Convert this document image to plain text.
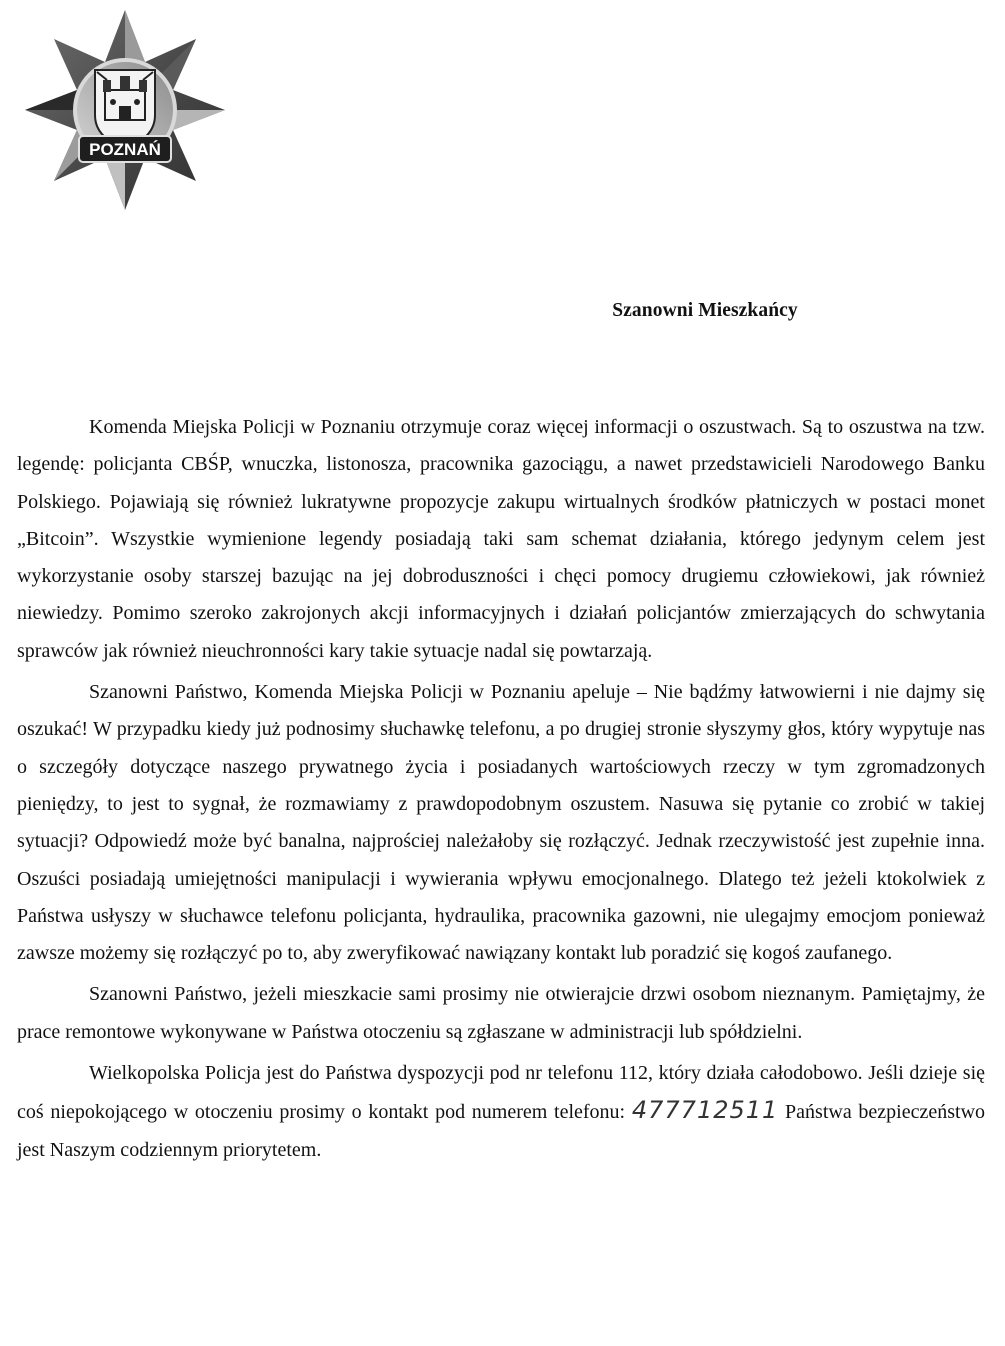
POZNAŃ
Szanowni Mieszkańcy

Komenda Miejska Policji w Poznaniu otrzymuje coraz więcej informacji o oszustwach. Są to oszustwa na tzw. legendę: policjanta CBŚP, wnuczka, listonosza, pracownika gazociągu, a nawet przedstawicieli Narodowego Banku Polskiego. Pojawiają się również lukratywne propozycje zakupu wirtualnych środków płatniczych w postaci monet „Bitcoin”. Wszystkie wymienione legendy posiadają taki sam schemat działania, którego jedynym celem jest wykorzystanie osoby starszej bazując na jej dobroduszności i chęci pomocy drugiemu człowiekowi, jak również niewiedzy. Pomimo szeroko zakrojonych akcji informacyjnych i działań policjantów zmierzających do schwytania sprawców jak również nieuchronności kary takie sytuacje nadal się powtarzają.

Szanowni Państwo, Komenda Miejska Policji w Poznaniu apeluje – Nie bądźmy łatwowierni i nie dajmy się oszukać! W przypadku kiedy już podnosimy słuchawkę telefonu, a po drugiej stronie słyszymy głos, który wypytuje nas o szczegóły dotyczące naszego prywatnego życia i posiadanych wartościowych rzeczy w tym zgromadzonych pieniędzy, to jest to sygnał, że rozmawiamy z prawdopodobnym oszustem. Nasuwa się pytanie co zrobić w takiej sytuacji? Odpowiedź może być banalna, najprościej należałoby się rozłączyć. Jednak rzeczywistość jest zupełnie inna. Oszuści posiadają umiejętności manipulacji i wywierania wpływu emocjonalnego. Dlatego też jeżeli ktokolwiek z Państwa usłyszy w słuchawce telefonu policjanta, hydraulika, pracownika gazowni, nie ulegajmy emocjom ponieważ zawsze możemy się rozłączyć po to, aby zweryfikować nawiązany kontakt lub poradzić się kogoś zaufanego.

Szanowni Państwo, jeżeli mieszkacie sami prosimy nie otwierajcie drzwi osobom nieznanym. Pamiętajmy, że prace remontowe wykonywane w Państwa otoczeniu są zgłaszane w administracji lub spółdzielni.

Wielkopolska Policja jest do Państwa dyspozycji pod nr telefonu 112, który działa całodobowo. Jeśli dzieje się coś niepokojącego w otoczeniu prosimy o kontakt pod numerem telefonu: 477712511 Państwa bezpieczeństwo jest Naszym codziennym priorytetem.
